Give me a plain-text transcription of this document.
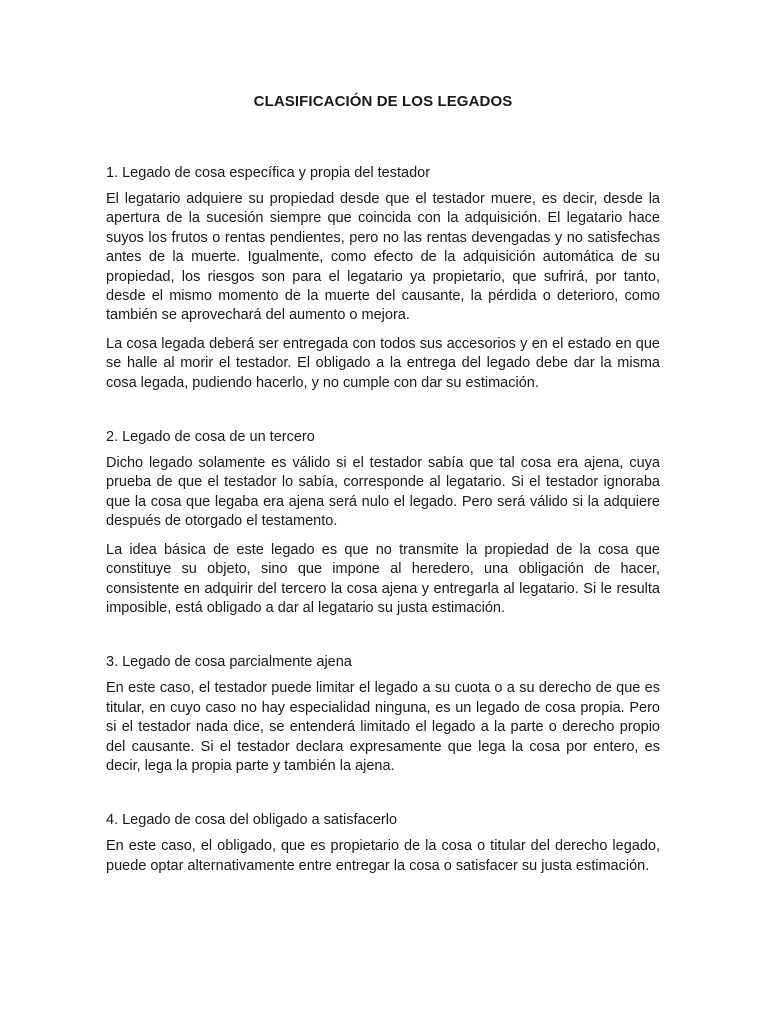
CLASIFICACIÓN DE LOS LEGADOS

1. Legado de cosa específica y propia del testador

El legatario adquiere su propiedad desde que el testador muere, es decir, desde la apertura de la sucesión siempre que coincida con la adquisición. El legatario hace suyos los frutos o rentas pendientes, pero no las rentas devengadas y no satisfechas antes de la muerte. Igualmente, como efecto de la adquisición automática de su propiedad, los riesgos son para el legatario ya propietario, que sufrirá, por tanto, desde el mismo momento de la muerte del causante, la pérdida o deterioro, como también se aprovechará del aumento o mejora.

La cosa legada deberá ser entregada con todos sus accesorios y en el estado en que se halle al morir el testador. El obligado a la entrega del legado debe dar la misma cosa legada, pudiendo hacerlo, y no cumple con dar su estimación.

2. Legado de cosa de un tercero

Dicho legado solamente es válido si el testador sabía que tal cosa era ajena, cuya prueba de que el testador lo sabía, corresponde al legatario. Si el testador ignoraba que la cosa que legaba era ajena será nulo el legado. Pero será válido si la adquiere después de otorgado el testamento.

La idea básica de este legado es que no transmite la propiedad de la cosa que constituye su objeto, sino que impone al heredero, una obligación de hacer, consistente en adquirir del tercero la cosa ajena y entregarla al legatario. Si le resulta imposible, está obligado a dar al legatario su justa estimación.

3. Legado de cosa parcialmente ajena

En este caso, el testador puede limitar el legado a su cuota o a su derecho de que es titular, en cuyo caso no hay especialidad ninguna, es un legado de cosa propia. Pero si el testador nada dice, se entenderá limitado el legado a la parte o derecho propio del causante. Si el testador declara expresamente que lega la cosa por entero, es decir, lega la propia parte y también la ajena.

4. Legado de cosa del obligado a satisfacerlo

En este caso, el obligado, que es propietario de la cosa o titular del derecho legado, puede optar alternativamente entre entregar la cosa o satisfacer su justa estimación.
